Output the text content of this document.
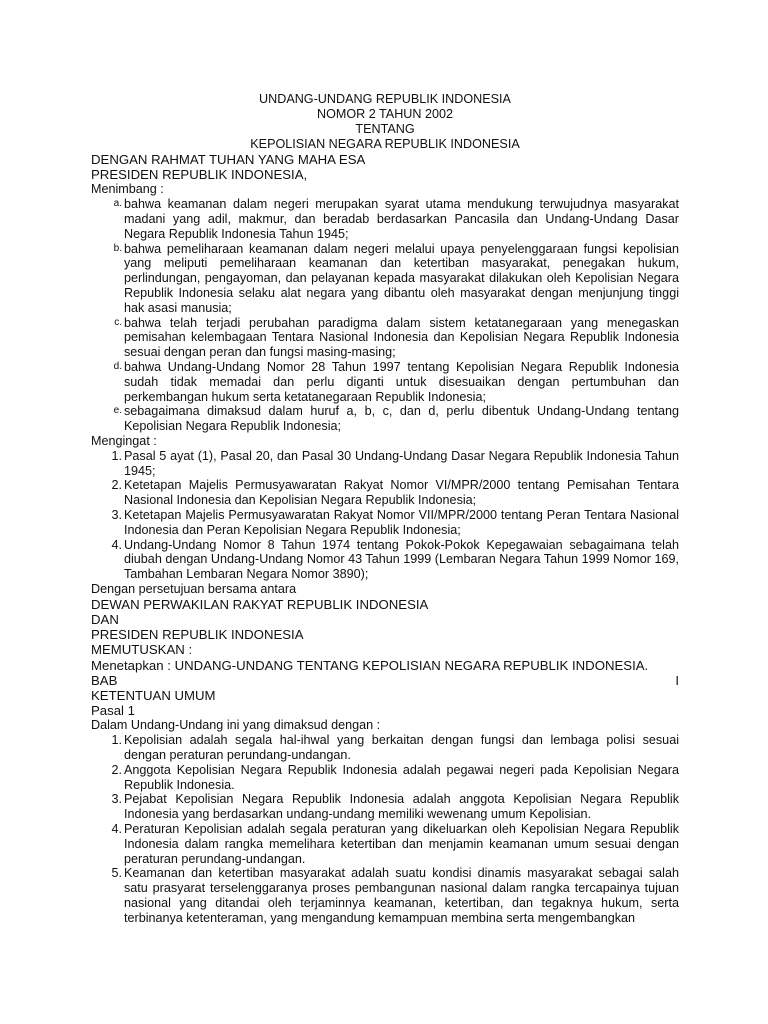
UNDANG-UNDANG REPUBLIK INDONESIA
NOMOR 2 TAHUN 2002
TENTANG
KEPOLISIAN NEGARA REPUBLIK INDONESIA

DENGAN RAHMAT TUHAN YANG MAHA ESA

PRESIDEN REPUBLIK INDONESIA,

Menimbang :

a. bahwa keamanan dalam negeri merupakan syarat utama mendukung terwujudnya masyarakat madani yang adil, makmur, dan beradab berdasarkan Pancasila dan Undang-Undang Dasar Negara Republik Indonesia Tahun 1945;
b. bahwa pemeliharaan keamanan dalam negeri melalui upaya penyelenggaraan fungsi kepolisian yang meliputi pemeliharaan keamanan dan ketertiban masyarakat, penegakan hukum, perlindungan, pengayoman, dan pelayanan kepada masyarakat dilakukan oleh Kepolisian Negara Republik Indonesia selaku alat negara yang dibantu oleh masyarakat dengan menjunjung tinggi hak asasi manusia;
c. bahwa telah terjadi perubahan paradigma dalam sistem ketatanegaraan yang menegaskan pemisahan kelembagaan Tentara Nasional Indonesia dan Kepolisian Negara Republik Indonesia sesuai dengan peran dan fungsi masing-masing;
d. bahwa Undang-Undang Nomor 28 Tahun 1997 tentang Kepolisian Negara Republik Indonesia sudah tidak memadai dan perlu diganti untuk disesuaikan dengan pertumbuhan dan perkembangan hukum serta ketatanegaraan Republik Indonesia;
e. sebagaimana dimaksud dalam huruf a, b, c, dan d, perlu dibentuk Undang-Undang tentang Kepolisian Negara Republik Indonesia;

Mengingat :

1. Pasal 5 ayat (1), Pasal 20, dan Pasal 30 Undang-Undang Dasar Negara Republik Indonesia Tahun 1945;
2. Ketetapan Majelis Permusyawaratan Rakyat Nomor VI/MPR/2000 tentang Pemisahan Tentara Nasional Indonesia dan Kepolisian Negara Republik Indonesia;
3. Ketetapan Majelis Permusyawaratan Rakyat Nomor VII/MPR/2000 tentang Peran Tentara Nasional Indonesia dan Peran Kepolisian Negara Republik Indonesia;
4. Undang-Undang Nomor 8 Tahun 1974 tentang Pokok-Pokok Kepegawaian sebagaimana telah diubah dengan Undang-Undang Nomor 43 Tahun 1999 (Lembaran Negara Tahun 1999 Nomor 169, Tambahan Lembaran Negara Nomor 3890);

Dengan persetujuan bersama antara

DEWAN PERWAKILAN RAKYAT REPUBLIK INDONESIA

DAN

PRESIDEN REPUBLIK INDONESIA

MEMUTUSKAN :

Menetapkan : UNDANG-UNDANG TENTANG KEPOLISIAN NEGARA REPUBLIK INDONESIA.

BAB	I

KETENTUAN UMUM

Pasal 1

Dalam Undang-Undang ini yang dimaksud dengan :

1. Kepolisian adalah segala hal-ihwal yang berkaitan dengan fungsi dan lembaga polisi sesuai dengan peraturan perundang-undangan.
2. Anggota Kepolisian Negara Republik Indonesia adalah pegawai negeri pada Kepolisian Negara Republik Indonesia.
3. Pejabat Kepolisian Negara Republik Indonesia adalah anggota Kepolisian Negara Republik Indonesia yang berdasarkan undang-undang memiliki wewenang umum Kepolisian.
4. Peraturan Kepolisian adalah segala peraturan yang dikeluarkan oleh Kepolisian Negara Republik Indonesia dalam rangka memelihara ketertiban dan menjamin keamanan umum sesuai dengan peraturan perundang-undangan.
5. Keamanan dan ketertiban masyarakat adalah suatu kondisi dinamis masyarakat sebagai salah satu prasyarat terselenggaranya proses pembangunan nasional dalam rangka tercapainya tujuan nasional yang ditandai oleh terjaminnya keamanan, ketertiban, dan tegaknya hukum, serta terbinanya ketenteraman, yang mengandung kemampuan membina serta mengembangkan
